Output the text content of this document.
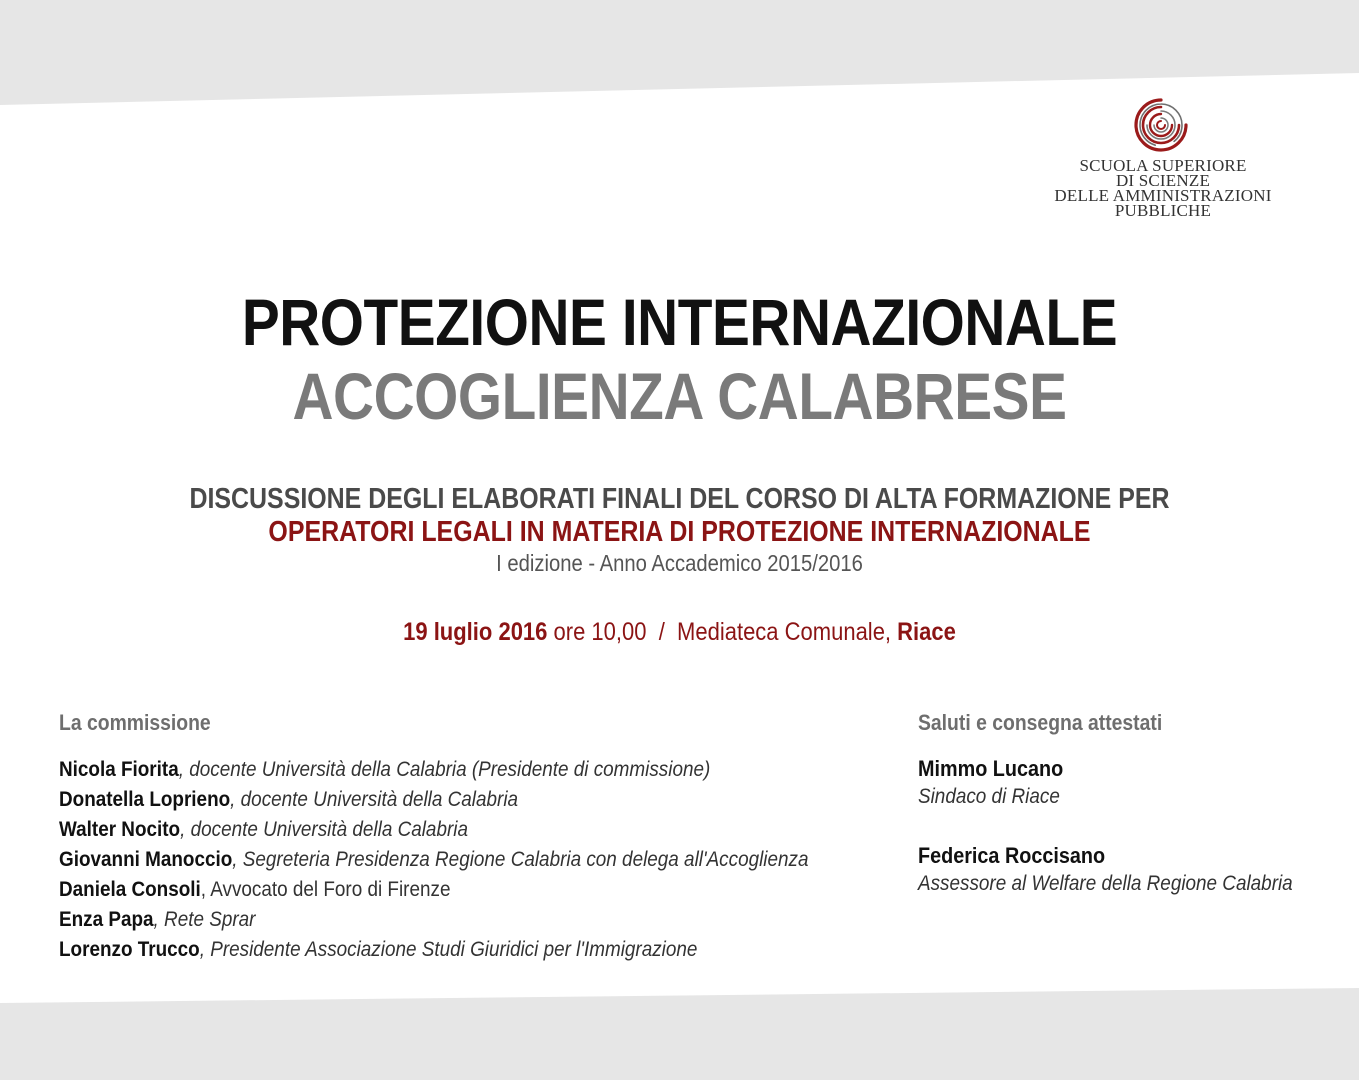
SCUOLA SUPERIORE
DI SCIENZE
DELLE AMMINISTRAZIONI
PUBBLICHE
PROTEZIONE INTERNAZIONALE
ACCOGLIENZA CALABRESE
DISCUSSIONE DEGLI ELABORATI FINALI DEL CORSO DI ALTA FORMAZIONE PER
OPERATORI LEGALI IN MATERIA DI PROTEZIONE INTERNAZIONALE
I edizione - Anno Accademico 2015/2016
19 luglio 2016 ore 10,00  /  Mediateca Comunale, Riace
La commissione
Nicola Fiorita, docente Università della Calabria (Presidente di commissione)
Donatella Loprieno, docente Università della Calabria
Walter Nocito, docente Università della Calabria
Giovanni Manoccio, Segreteria Presidenza Regione Calabria con delega all'Accoglienza
Daniela Consoli, Avvocato del Foro di Firenze
Enza Papa, Rete Sprar
Lorenzo Trucco, Presidente Associazione Studi Giuridici per l'Immigrazione
Saluti e consegna attestati
Mimmo Lucano
Sindaco di Riace
Federica Roccisano
Assessore al Welfare della Regione Calabria
